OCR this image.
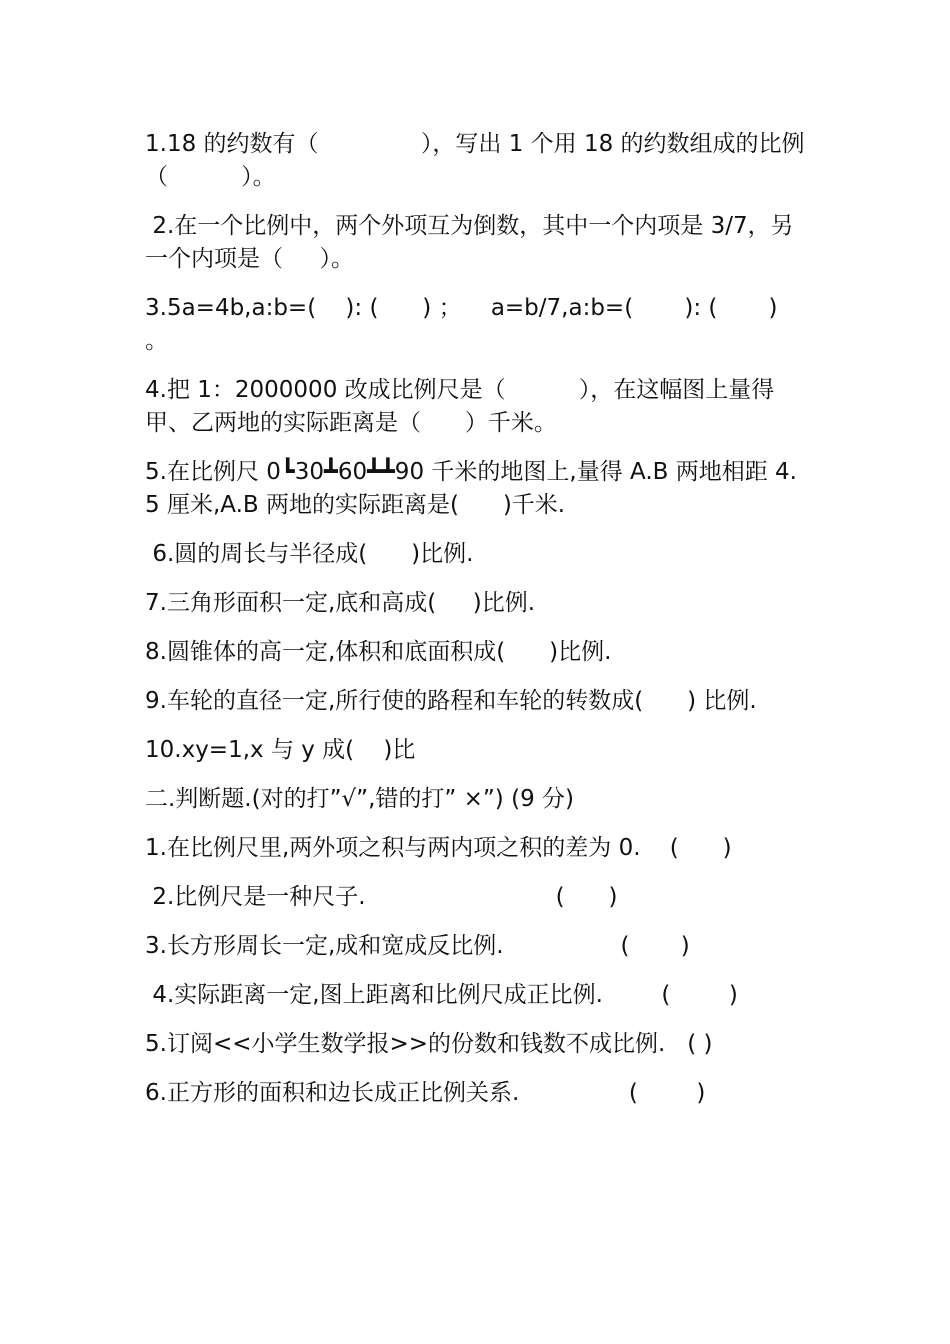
1.18 的约数有（              ），写出 1 个用 18 的约数组成的比例（          ）。
2.在一个比例中，两个外项互为倒数，其中一个内项是 3/7，另一个内项是（     ）。
3.5a=4b,a:b=(    ): (      ) ；    a=b/7,a:b=(       ): (       ) 。
4.把 1：2000000 改成比例尺是（          ），在这幅图上量得甲、乙两地的实际距离是（      ）千米。
5.在比例尺 0┗30┻60┻┻90 千米的地图上,量得 A.B 两地相距 4.5 厘米,A.B 两地的实际距离是(      )千米.
6.圆的周长与半径成(      )比例.
7.三角形面积一定,底和高成(     )比例.
8.圆锥体的高一定,体积和底面积成(      )比例.
9.车轮的直径一定,所行使的路程和车轮的转数成(      ) 比例.
10.xy=1,x 与 y 成(    )比
二.判断题.(对的打”√”,错的打” ×”) (9 分)
1.在比例尺里,两外项之积与两内项之积的差为 0.    (      )
2.比例尺是一种尺子.                          (      )
3.长方形周长一定,成和宽成反比例.                (       )
4.实际距离一定,图上距离和比例尺成正比例.        (        )
5.订阅<<小学生数学报>>的份数和钱数不成比例.   ( )
6.正方形的面积和边长成正比例关系.               (        )
